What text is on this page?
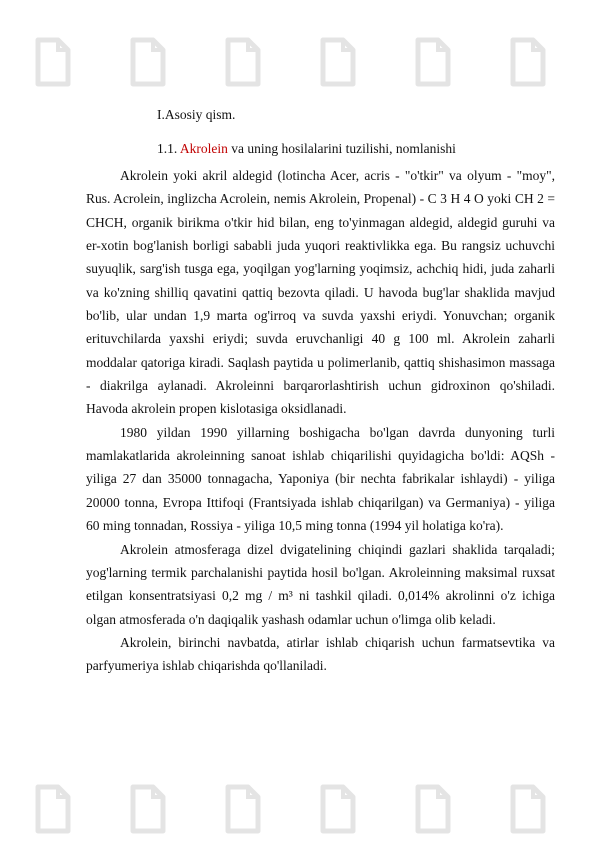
I.Asosiy qism.
1.1. Akrolein va uning hosilalarini tuzilishi, nomlanishi

Akrolein yoki akril aldegid (lotincha Acer, acris - "o'tkir" va olyum - "moy", Rus. Acrolein, inglizcha Acrolein, nemis Akrolein, Propenal) - C 3 H 4 O yoki CH 2 = CHCH, organik birikma o'tkir hid bilan, eng to'yinmagan aldegid, aldegid guruhi va er-xotin bog'lanish borligi sababli juda yuqori reaktivlikka ega. Bu rangsiz uchuvchi suyuqlik, sarg'ish tusga ega, yoqilgan yog'larning yoqimsiz, achchiq hidi, juda zaharli va ko'zning shilliq qavatini qattiq bezovta qiladi. U havoda bug'lar shaklida mavjud bo'lib, ular undan 1,9 marta og'irroq va suvda yaxshi eriydi. Yonuvchan; organik erituvchilarda yaxshi eriydi; suvda eruvchanligi 40 g 100 ml. Akrolein zaharli moddalar qatoriga kiradi. Saqlash paytida u polimerlanib, qattiq shishasimon massaga - diakrilga aylanadi. Akroleinni barqarorlashtirish uchun gidroxinon qo'shiladi. Havoda akrolein propen kislotasiga oksidlanadi.

1980 yildan 1990 yillarning boshigacha bo'lgan davrda dunyoning turli mamlakatlarida akroleinning sanoat ishlab chiqarilishi quyidagicha bo'ldi: AQSh - yiliga 27 dan 35000 tonnagacha, Yaponiya (bir nechta fabrikalar ishlaydi) - yiliga 20000 tonna, Evropa Ittifoqi (Frantsiyada ishlab chiqarilgan) va Germaniya) - yiliga 60 ming tonnadan, Rossiya - yiliga 10,5 ming tonna (1994 yil holatiga ko'ra).

Akrolein atmosferaga dizel dvigatelining chiqindi gazlari shaklida tarqaladi; yog'larning termik parchalanishi paytida hosil bo'lgan. Akroleinning maksimal ruxsat etilgan konsentratsiyasi 0,2 mg / m³ ni tashkil qiladi. 0,014% akrolinni o'z ichiga olgan atmosferada o'n daqiqalik yashash odamlar uchun o'limga olib keladi.

Akrolein, birinchi navbatda, atirlar ishlab chiqarish uchun farmatsevtika va parfyumeriya ishlab chiqarishda qo'llaniladi.
